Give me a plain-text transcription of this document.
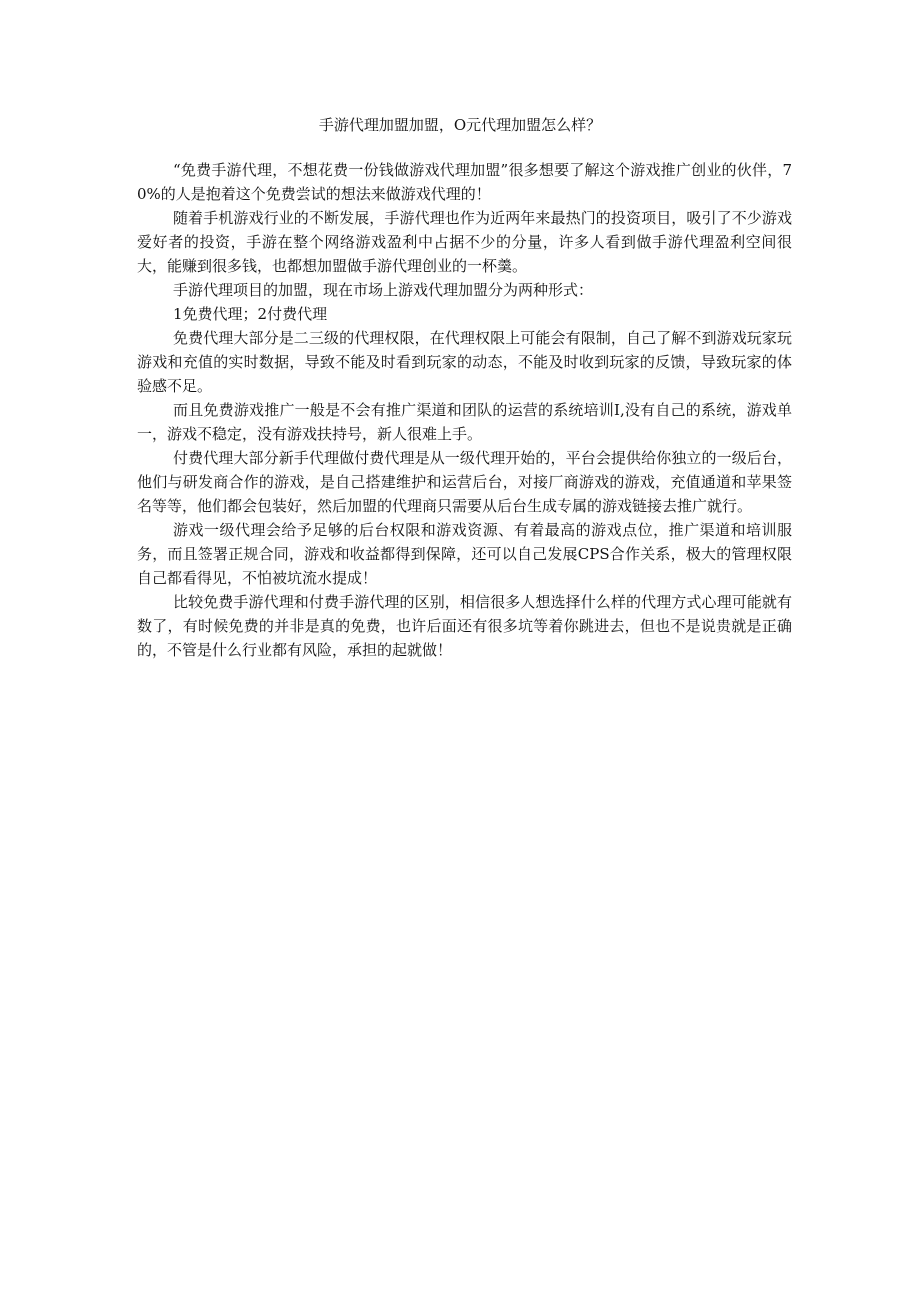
手游代理加盟加盟，O元代理加盟怎么样？

“免费手游代理，不想花费一份钱做游戏代理加盟”很多想要了解这个游戏推广创业的伙伴，70%的人是抱着这个免费尝试的想法来做游戏代理的！

随着手机游戏行业的不断发展，手游代理也作为近两年来最热门的投资项目，吸引了不少游戏爱好者的投资，手游在整个网络游戏盈利中占据不少的分量，许多人看到做手游代理盈利空间很大，能赚到很多钱，也都想加盟做手游代理创业的一杯羹。

手游代理项目的加盟，现在市场上游戏代理加盟分为两种形式：

1免费代理；2付费代理

免费代理大部分是二三级的代理权限，在代理权限上可能会有限制，自己了解不到游戏玩家玩游戏和充值的实时数据，导致不能及时看到玩家的动态，不能及时收到玩家的反馈，导致玩家的体验感不足。

而且免费游戏推广一般是不会有推广渠道和团队的运营的系统培训I,没有自己的系统，游戏单一，游戏不稳定，没有游戏扶持号，新人很难上手。

付费代理大部分新手代理做付费代理是从一级代理开始的，平台会提供给你独立的一级后台，他们与研发商合作的游戏，是自己搭建维护和运营后台，对接厂商游戏的游戏，充值通道和苹果签名等等，他们都会包装好，然后加盟的代理商只需要从后台生成专属的游戏链接去推广就行。

游戏一级代理会给予足够的后台权限和游戏资源、有着最高的游戏点位，推广渠道和培训服务，而且签署正规合同，游戏和收益都得到保障，还可以自己发展CPS合作关系，极大的管理权限自己都看得见，不怕被坑流水提成！

比较免费手游代理和付费手游代理的区别，相信很多人想选择什么样的代理方式心理可能就有数了，有时候免费的并非是真的免费，也许后面还有很多坑等着你跳进去，但也不是说贵就是正确的，不管是什么行业都有风险，承担的起就做！
